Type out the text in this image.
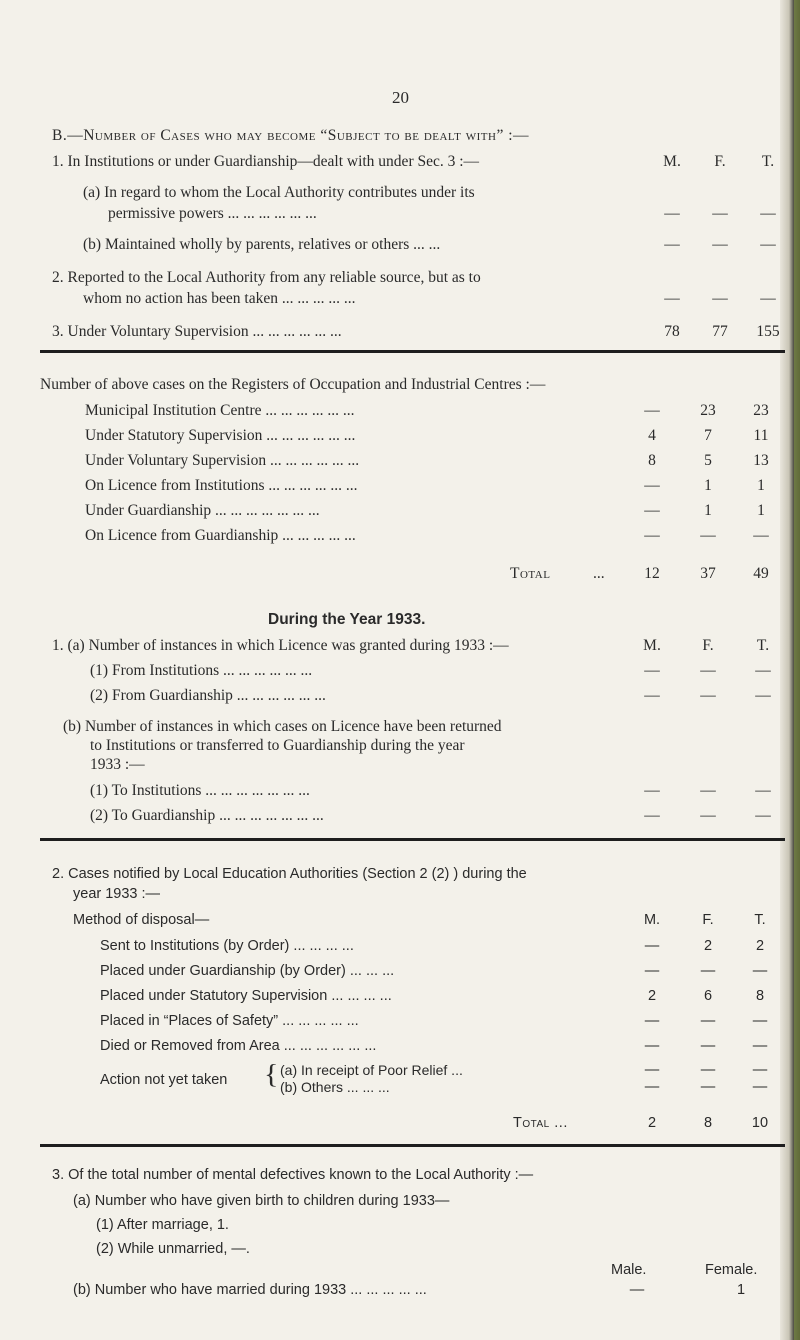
20
B.—Number of Cases who may become “Subject to be dealt with” :—
1. In Institutions or under Guardianship—dealt with under Sec. 3 :—	M.	F.	T.
(a) In regard to whom the Local Authority contributes under its
permissive powers ... ... ... ... ... ...	—	—	—
(b) Maintained wholly by parents, relatives or others ... ...	—	—	—
2. Reported to the Local Authority from any reliable source, but as to
whom no action has been taken ... ... ... ... ...	—	—	—
3. Under Voluntary Supervision ... ... ... ... ... ...	78	77	155
Number of above cases on the Registers of Occupation and Industrial Centres :—
Municipal Institution Centre ... ... ... ... ... ...	—	23	23
Under Statutory Supervision ... ... ... ... ... ...	4	7	11
Under Voluntary Supervision ... ... ... ... ... ...	8	5	13
On Licence from Institutions ... ... ... ... ... ...	—	1	1
Under Guardianship ... ... ... ... ... ... ...	—	1	1
On Licence from Guardianship ... ... ... ... ...	—	—	—
Total	...	12	37	49
During the Year 1933.
1. (a) Number of instances in which Licence was granted during 1933 :—	M.	F.	T.
(1) From Institutions ... ... ... ... ... ...	—	—	—
(2) From Guardianship ... ... ... ... ... ...	—	—	—
(b) Number of instances in which cases on Licence have been returned
to Institutions or transferred to Guardianship during the year
1933 :—
(1) To Institutions ... ... ... ... ... ... ...	—	—	—
(2) To Guardianship ... ... ... ... ... ... ...	—	—	—
2. Cases notified by Local Education Authorities (Section 2 (2) ) during the
year 1933 :—
Method of disposal—	M.	F.	T.
Sent to Institutions (by Order) ... ... ... ...	—	2	2
Placed under Guardianship (by Order) ... ... ...	—	—	—
Placed under Statutory Supervision ... ... ... ...	2	6	8
Placed in “Places of Safety” ... ... ... ... ...	—	—	—
Died or Removed from Area ... ... ... ... ... ...	—	—	—
Action not yet taken { (a) In receipt of Poor Relief ...	—	—	—
(b) Others ... ... ...	—	—	—
Total ...	2	8	10
3. Of the total number of mental defectives known to the Local Authority :—
(a) Number who have given birth to children during 1933—
(1) After marriage, 1.
(2) While unmarried, —.
Male.	Female.
(b) Number who have married during 1933 ... ... ... ... ...	—	1
